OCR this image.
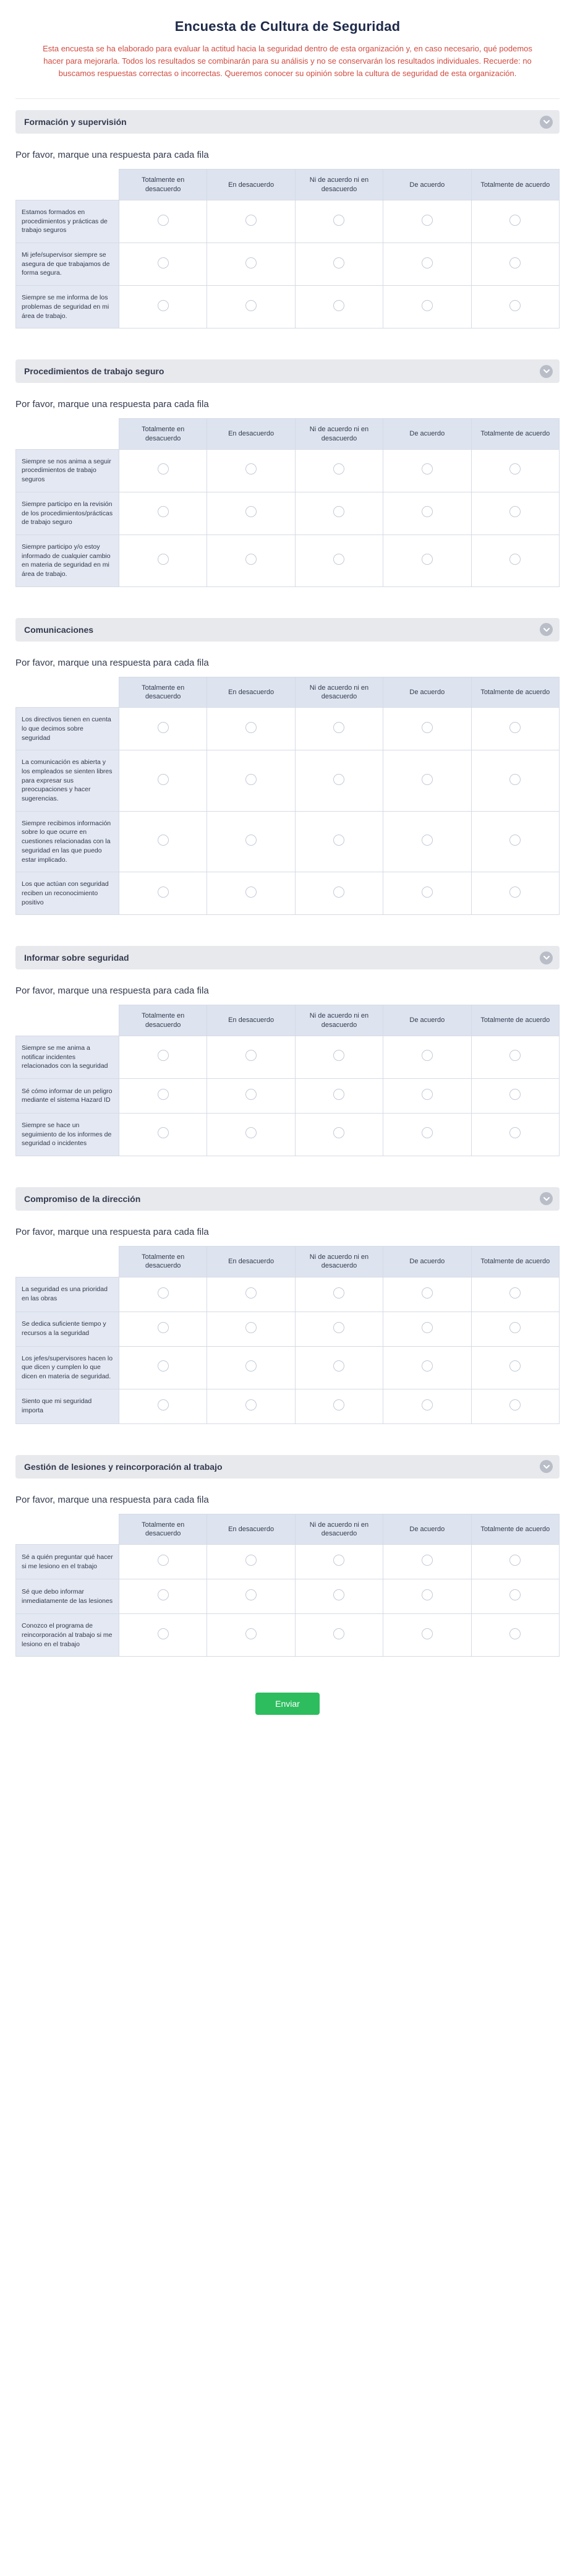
Encuesta de Cultura de Seguridad

Esta encuesta se ha elaborado para evaluar la actitud hacia la seguridad dentro de esta organización y, en caso necesario, qué podemos hacer para mejorarla. Todos los resultados se combinarán para su análisis y no se conservarán los resultados individuales. Recuerde: no buscamos respuestas correctas o incorrectas. Queremos conocer su opinión sobre la cultura de seguridad de esta organización.

Formación y supervisión

Por favor, marque una respuesta para cada fila

	Totalmente en desacuerdo	En desacuerdo	Ni de acuerdo ni en desacuerdo	De acuerdo	Totalmente de acuerdo
Estamos formados en procedimientos y prácticas de trabajo seguros					
Mi jefe/supervisor siempre se asegura de que trabajamos de forma segura.					
Siempre se me informa de los problemas de seguridad en mi área de trabajo.					
Procedimientos de trabajo seguro

Por favor, marque una respuesta para cada fila

	Totalmente en desacuerdo	En desacuerdo	Ni de acuerdo ni en desacuerdo	De acuerdo	Totalmente de acuerdo
Siempre se nos anima a seguir procedimientos de trabajo seguros					
Siempre participo en la revisión de los procedimientos/prácticas de trabajo seguro					
Siempre participo y/o estoy informado de cualquier cambio en materia de seguridad en mi área de trabajo.					
Comunicaciones

Por favor, marque una respuesta para cada fila

	Totalmente en desacuerdo	En desacuerdo	Ni de acuerdo ni en desacuerdo	De acuerdo	Totalmente de acuerdo
Los directivos tienen en cuenta lo que decimos sobre seguridad					
La comunicación es abierta y los empleados se sienten libres para expresar sus preocupaciones y hacer sugerencias.					
Siempre recibimos información sobre lo que ocurre en cuestiones relacionadas con la seguridad en las que puedo estar implicado.					
Los que actúan con seguridad reciben un reconocimiento positivo					
Informar sobre seguridad

Por favor, marque una respuesta para cada fila

	Totalmente en desacuerdo	En desacuerdo	Ni de acuerdo ni en desacuerdo	De acuerdo	Totalmente de acuerdo
Siempre se me anima a notificar incidentes relacionados con la seguridad					
Sé cómo informar de un peligro mediante el sistema Hazard ID					
Siempre se hace un seguimiento de los informes de seguridad o incidentes					
Compromiso de la dirección

Por favor, marque una respuesta para cada fila

	Totalmente en desacuerdo	En desacuerdo	Ni de acuerdo ni en desacuerdo	De acuerdo	Totalmente de acuerdo
La seguridad es una prioridad en las obras					
Se dedica suficiente tiempo y recursos a la seguridad					
Los jefes/supervisores hacen lo que dicen y cumplen lo que dicen en materia de seguridad.					
Siento que mi seguridad importa					
Gestión de lesiones y reincorporación al trabajo

Por favor, marque una respuesta para cada fila

	Totalmente en desacuerdo	En desacuerdo	Ni de acuerdo ni en desacuerdo	De acuerdo	Totalmente de acuerdo
Sé a quién preguntar qué hacer si me lesiono en el trabajo					
Sé que debo informar inmediatamente de las lesiones					
Conozco el programa de reincorporación al trabajo si me lesiono en el trabajo					
Enviar
